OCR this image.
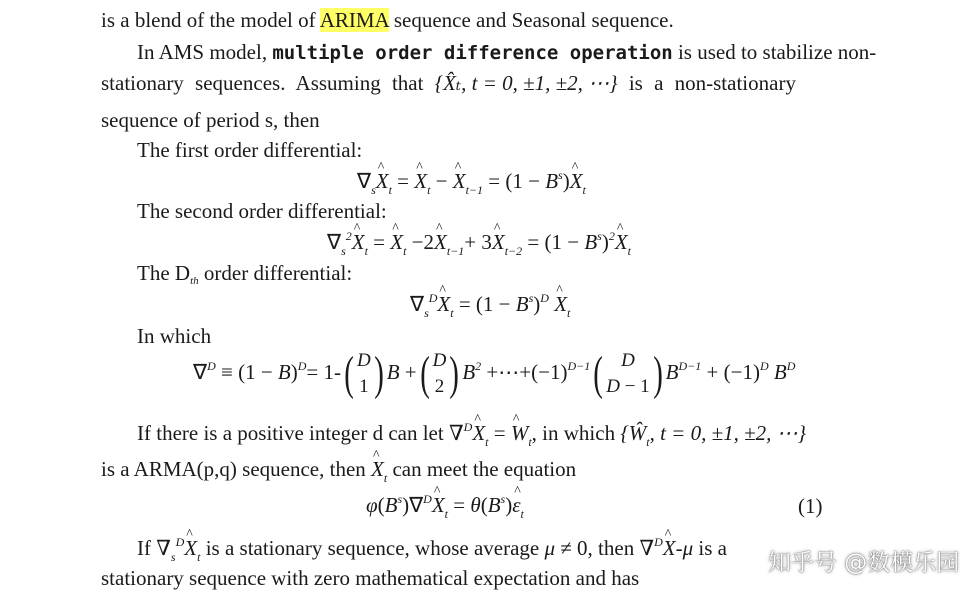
is a blend of the model of ARIMA sequence and Seasonal sequence.
In AMS model, multiple order difference operation is used to stabilize non-
stationary sequences. Assuming that {X̂ₜ, t = 0, ±1, ±2, ⋯} is a non-stationary
sequence of period s, then
The first order differential:
$\nabla_s\^{}$ $X_t$ = ^ $X_t$ − ^ $X_{t-1} = (1$ − $B^s)\^{}$ $X_t$
The second order differential:
$\nabla_s^2\^{}$ $X_t$ = ^ $X_t$ −2^ $X_{t-1}+$ 3^ $X_{t-2} = (1$ − $B^s)^2\^{}$ $X_t$
The $D_{th}$ order differential:
$\nabla_s^D\^{}$ $X_t = (1 - B^s)^D$ ^ $X_t$
In which
$\nabla^D \equiv (1 - B)^D= 1-$ ( D
1 ) B + ( D
2 ) $B^2$ $+\cdots+(-1)^{D-1}$ ( D
D − 1 ) $B^{D-1} + (-1)^D$ $B^D$
If there is a positive integer d can let ∇$^D$^ $X_t$ = ^ $W_t$, in which {$Ŵ_t$, t = 0, ±1, ±2, ⋯}
is a ARMA(p,q) sequence, then ^ $X_t$ can meet the equation
$\varphi(B^s)\nabla^D\^{}$ $X_t$ = $\theta(B^s)\^{}$ $\varepsilon_t$	(1)
If $\nabla_s^D\^{}$ $X_t$ is a stationary sequence, whose average μ ≠ 0, then ∇$^D$^ X-μ is a
stationary sequence with zero mathematical expectation and has
知乎号 @数模乐园
